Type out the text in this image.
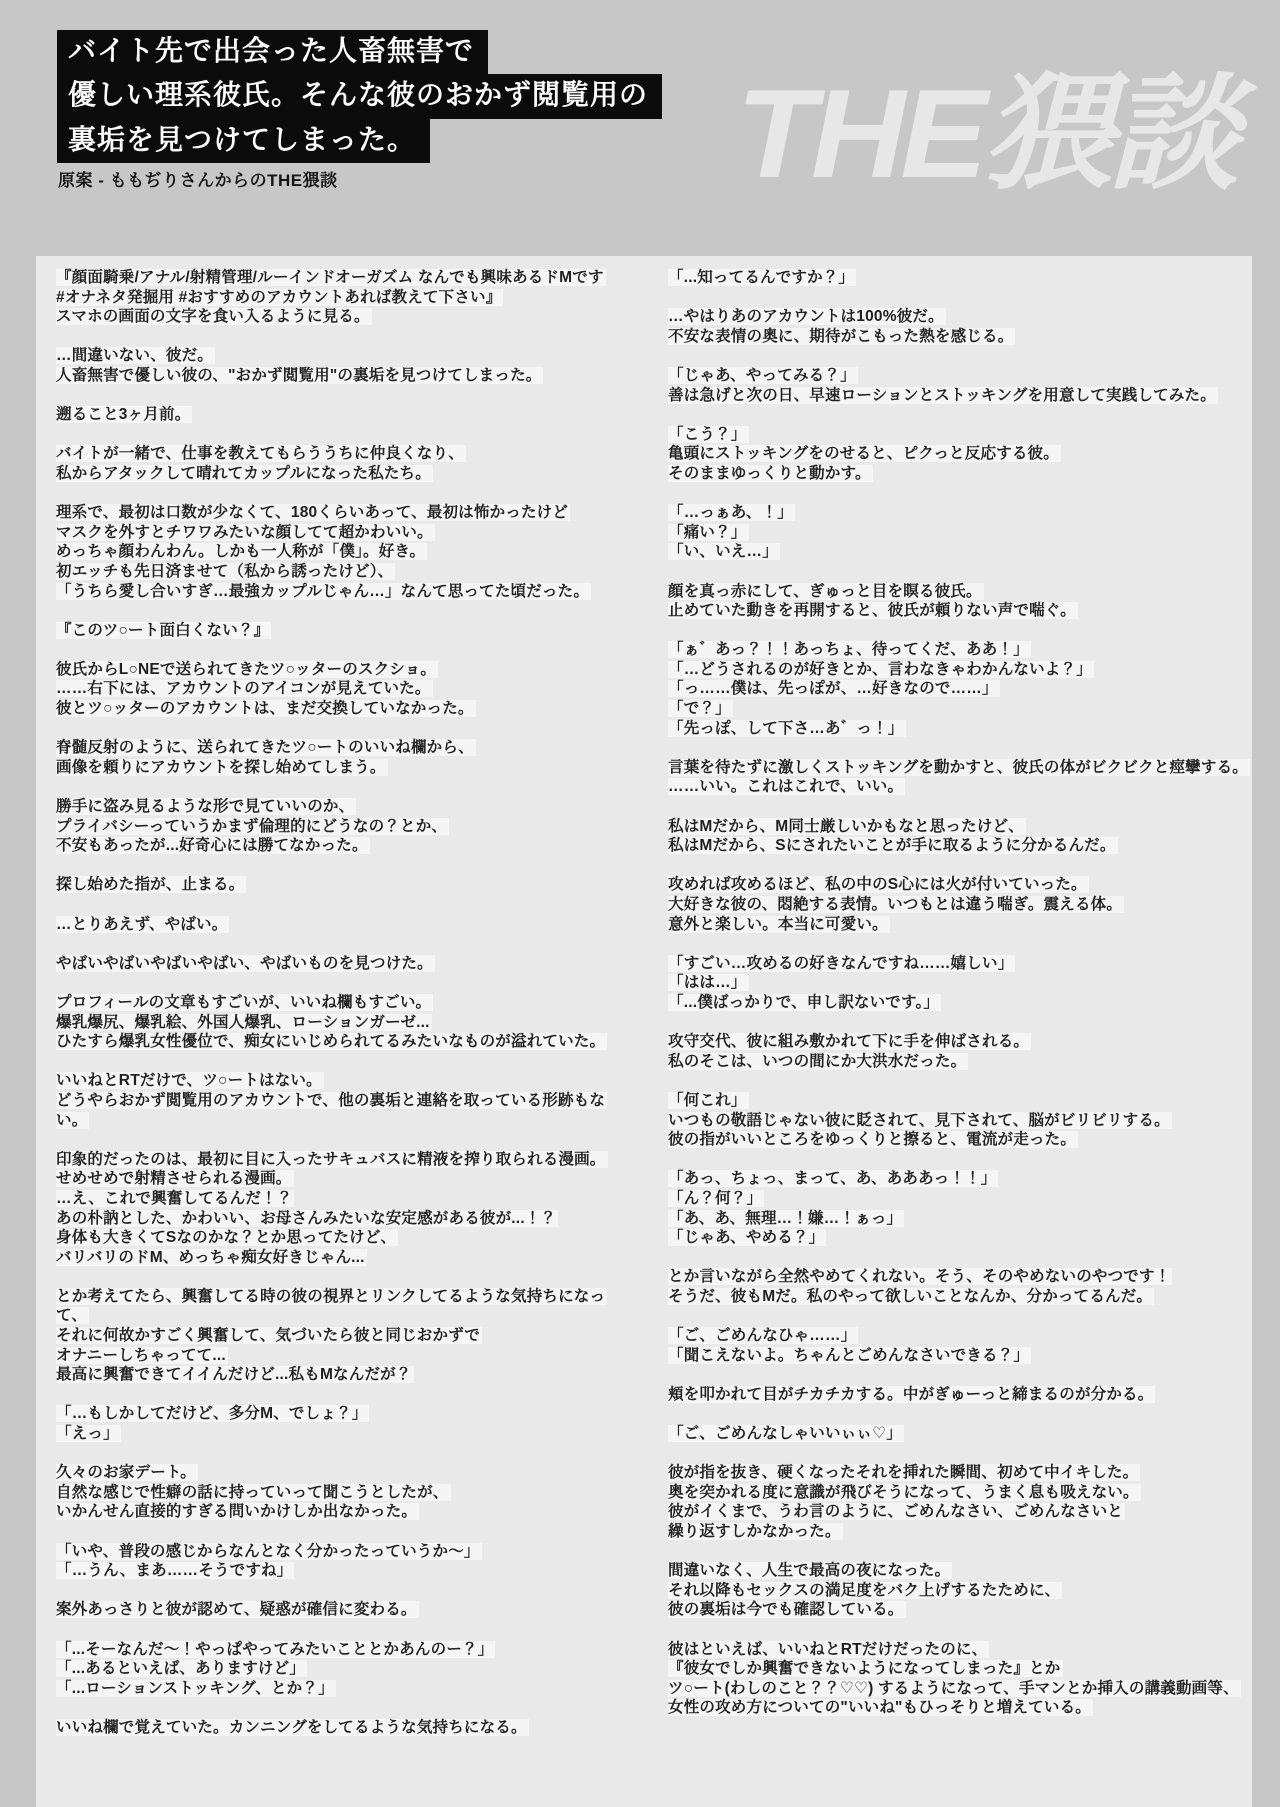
THE猥談
バイト先で出会った人畜無害で
優しい理系彼氏。そんな彼のおかず閲覧用の
裏垢を見つけてしまった。
原案 - ももぢりさんからのTHE猥談

『顔面騎乗/アナル/射精管理/ルーインドオーガズム なんでも興味あるドMです
#オナネタ発掘用 #おすすめのアカウントあれば教えて下さい』
スマホの画面の文字を食い入るように見る。

…間違いない、彼だ。
人畜無害で優しい彼の、"おかず閲覧用"の裏垢を見つけてしまった。

遡ること3ヶ月前。

バイトが一緒で、仕事を教えてもらううちに仲良くなり、
私からアタックして晴れてカップルになった私たち。

理系で、最初は口数が少なくて、180くらいあって、最初は怖かったけど
マスクを外すとチワワみたいな顔してて超かわいい。
めっちゃ顔わんわん。しかも一人称が「僕」。好き。
初エッチも先日済ませて（私から誘ったけど）、
「うちら愛し合いすぎ…最強カップルじゃん…」なんて思ってた頃だった。

『このツ○ート面白くない？』

彼氏からL○NEで送られてきたツ○ッターのスクショ。
……右下には、アカウントのアイコンが見えていた。
彼とツ○ッターのアカウントは、まだ交換していなかった。

脊髄反射のように、送られてきたツ○ートのいいね欄から、
画像を頼りにアカウントを探し始めてしまう。

勝手に盗み見るような形で見ていいのか、
プライバシーっていうかまず倫理的にどうなの？とか、
不安もあったが...好奇心には勝てなかった。

探し始めた指が、止まる。

…とりあえず、やばい。

やばいやばいやばいやばい、やばいものを見つけた。

プロフィールの文章もすごいが、いいね欄もすごい。
爆乳爆尻、爆乳絵、外国人爆乳、ローションガーゼ...
ひたすら爆乳女性優位で、痴女にいじめられてるみたいなものが溢れていた。

いいねとRTだけで、ツ○ートはない。
どうやらおかず閲覧用のアカウントで、他の裏垢と連絡を取っている形跡もない。

印象的だったのは、最初に目に入ったサキュバスに精液を搾り取られる漫画。
せめせめで射精させられる漫画。
…え、これで興奮してるんだ！？
あの朴訥とした、かわいい、お母さんみたいな安定感がある彼が...！？
身体も大きくてSなのかな？とか思ってたけど、
バリバリのドM、めっちゃ痴女好きじゃん...

とか考えてたら、興奮してる時の彼の視界とリンクしてるような気持ちになって、
それに何故かすごく興奮して、気づいたら彼と同じおかずで
オナニーしちゃってて...
最高に興奮できてイイんだけど...私もMなんだが？

「…もしかしてだけど、多分M、でしょ？」
「えっ」

久々のお家デート。
自然な感じで性癖の話に持っていって聞こうとしたが、
いかんせん直接的すぎる問いかけしか出なかった。

「いや、普段の感じからなんとなく分かったっていうか〜」
「…うん、まあ……そうですね」

案外あっさりと彼が認めて、疑惑が確信に変わる。

「...そーなんだ〜！やっぱやってみたいこととかあんのー？」
「...あるといえば、ありますけど」
「...ローションストッキング、とか？」

いいね欄で覚えていた。カンニングをしてるような気持ちになる。

「...知ってるんですか？」

…やはりあのアカウントは100%彼だ。
不安な表情の奥に、期待がこもった熱を感じる。

「じゃあ、やってみる？」
善は急げと次の日、早速ローションとストッキングを用意して実践してみた。

「こう？」
亀頭にストッキングをのせると、ピクっと反応する彼。
そのままゆっくりと動かす。

「…っぁあ、！」
「痛い？」
「い、いえ…」

顔を真っ赤にして、ぎゅっと目を瞑る彼氏。
止めていた動きを再開すると、彼氏が頼りない声で喘ぐ。

「ぁ゛あっ？！！あっちょ、待ってくだ、ああ！」
「…どうされるのが好きとか、言わなきゃわかんないよ？」
「っ……僕は、先っぽが、…好きなので……」
「で？」
「先っぽ、して下さ…あ゛っ！」

言葉を待たずに激しくストッキングを動かすと、彼氏の体がビクビクと痙攣する。
……いい。これはこれで、いい。

私はMだから、M同士厳しいかもなと思ったけど、
私はMだから、Sにされたいことが手に取るように分かるんだ。

攻めれば攻めるほど、私の中のS心には火が付いていった。
大好きな彼の、悶絶する表情。いつもとは違う喘ぎ。震える体。
意外と楽しい。本当に可愛い。

「すごい…攻めるの好きなんですね……嬉しい」
「はは…」
「...僕ばっかりで、申し訳ないです。」

攻守交代、彼に組み敷かれて下に手を伸ばされる。
私のそこは、いつの間にか大洪水だった。

「何これ」
いつもの敬語じゃない彼に貶されて、見下されて、脳がビリビリする。
彼の指がいいところをゆっくりと擦ると、電流が走った。

「あっ、ちょっ、まって、あ、あああっ！！」
「ん？何？」
「あ、あ、無理…！嫌…！ぁっ」
「じゃあ、やめる？」

とか言いながら全然やめてくれない。そう、そのやめないのやつです！
そうだ、彼もMだ。私のやって欲しいことなんか、分かってるんだ。

「ご、ごめんなひゃ……」
「聞こえないよ。ちゃんとごめんなさいできる？」

頬を叩かれて目がチカチカする。中がぎゅーっと締まるのが分かる。

「ご、ごめんなしゃいいぃぃ♡」

彼が指を抜き、硬くなったそれを挿れた瞬間、初めて中イキした。
奥を突かれる度に意識が飛びそうになって、うまく息も吸えない。
彼がイくまで、うわ言のように、ごめんなさい、ごめんなさいと
繰り返すしかなかった。

間違いなく、人生で最高の夜になった。
それ以降もセックスの満足度をバク上げするたために、
彼の裏垢は今でも確認している。

彼はといえば、いいねとRTだけだったのに、
『彼女でしか興奮できないようになってしまった』とか
ツ○ート(わしのこと？？♡♡) するようになって、手マンとか挿入の講義動画等、
女性の攻め方についての"いいね"もひっそりと増えている。
